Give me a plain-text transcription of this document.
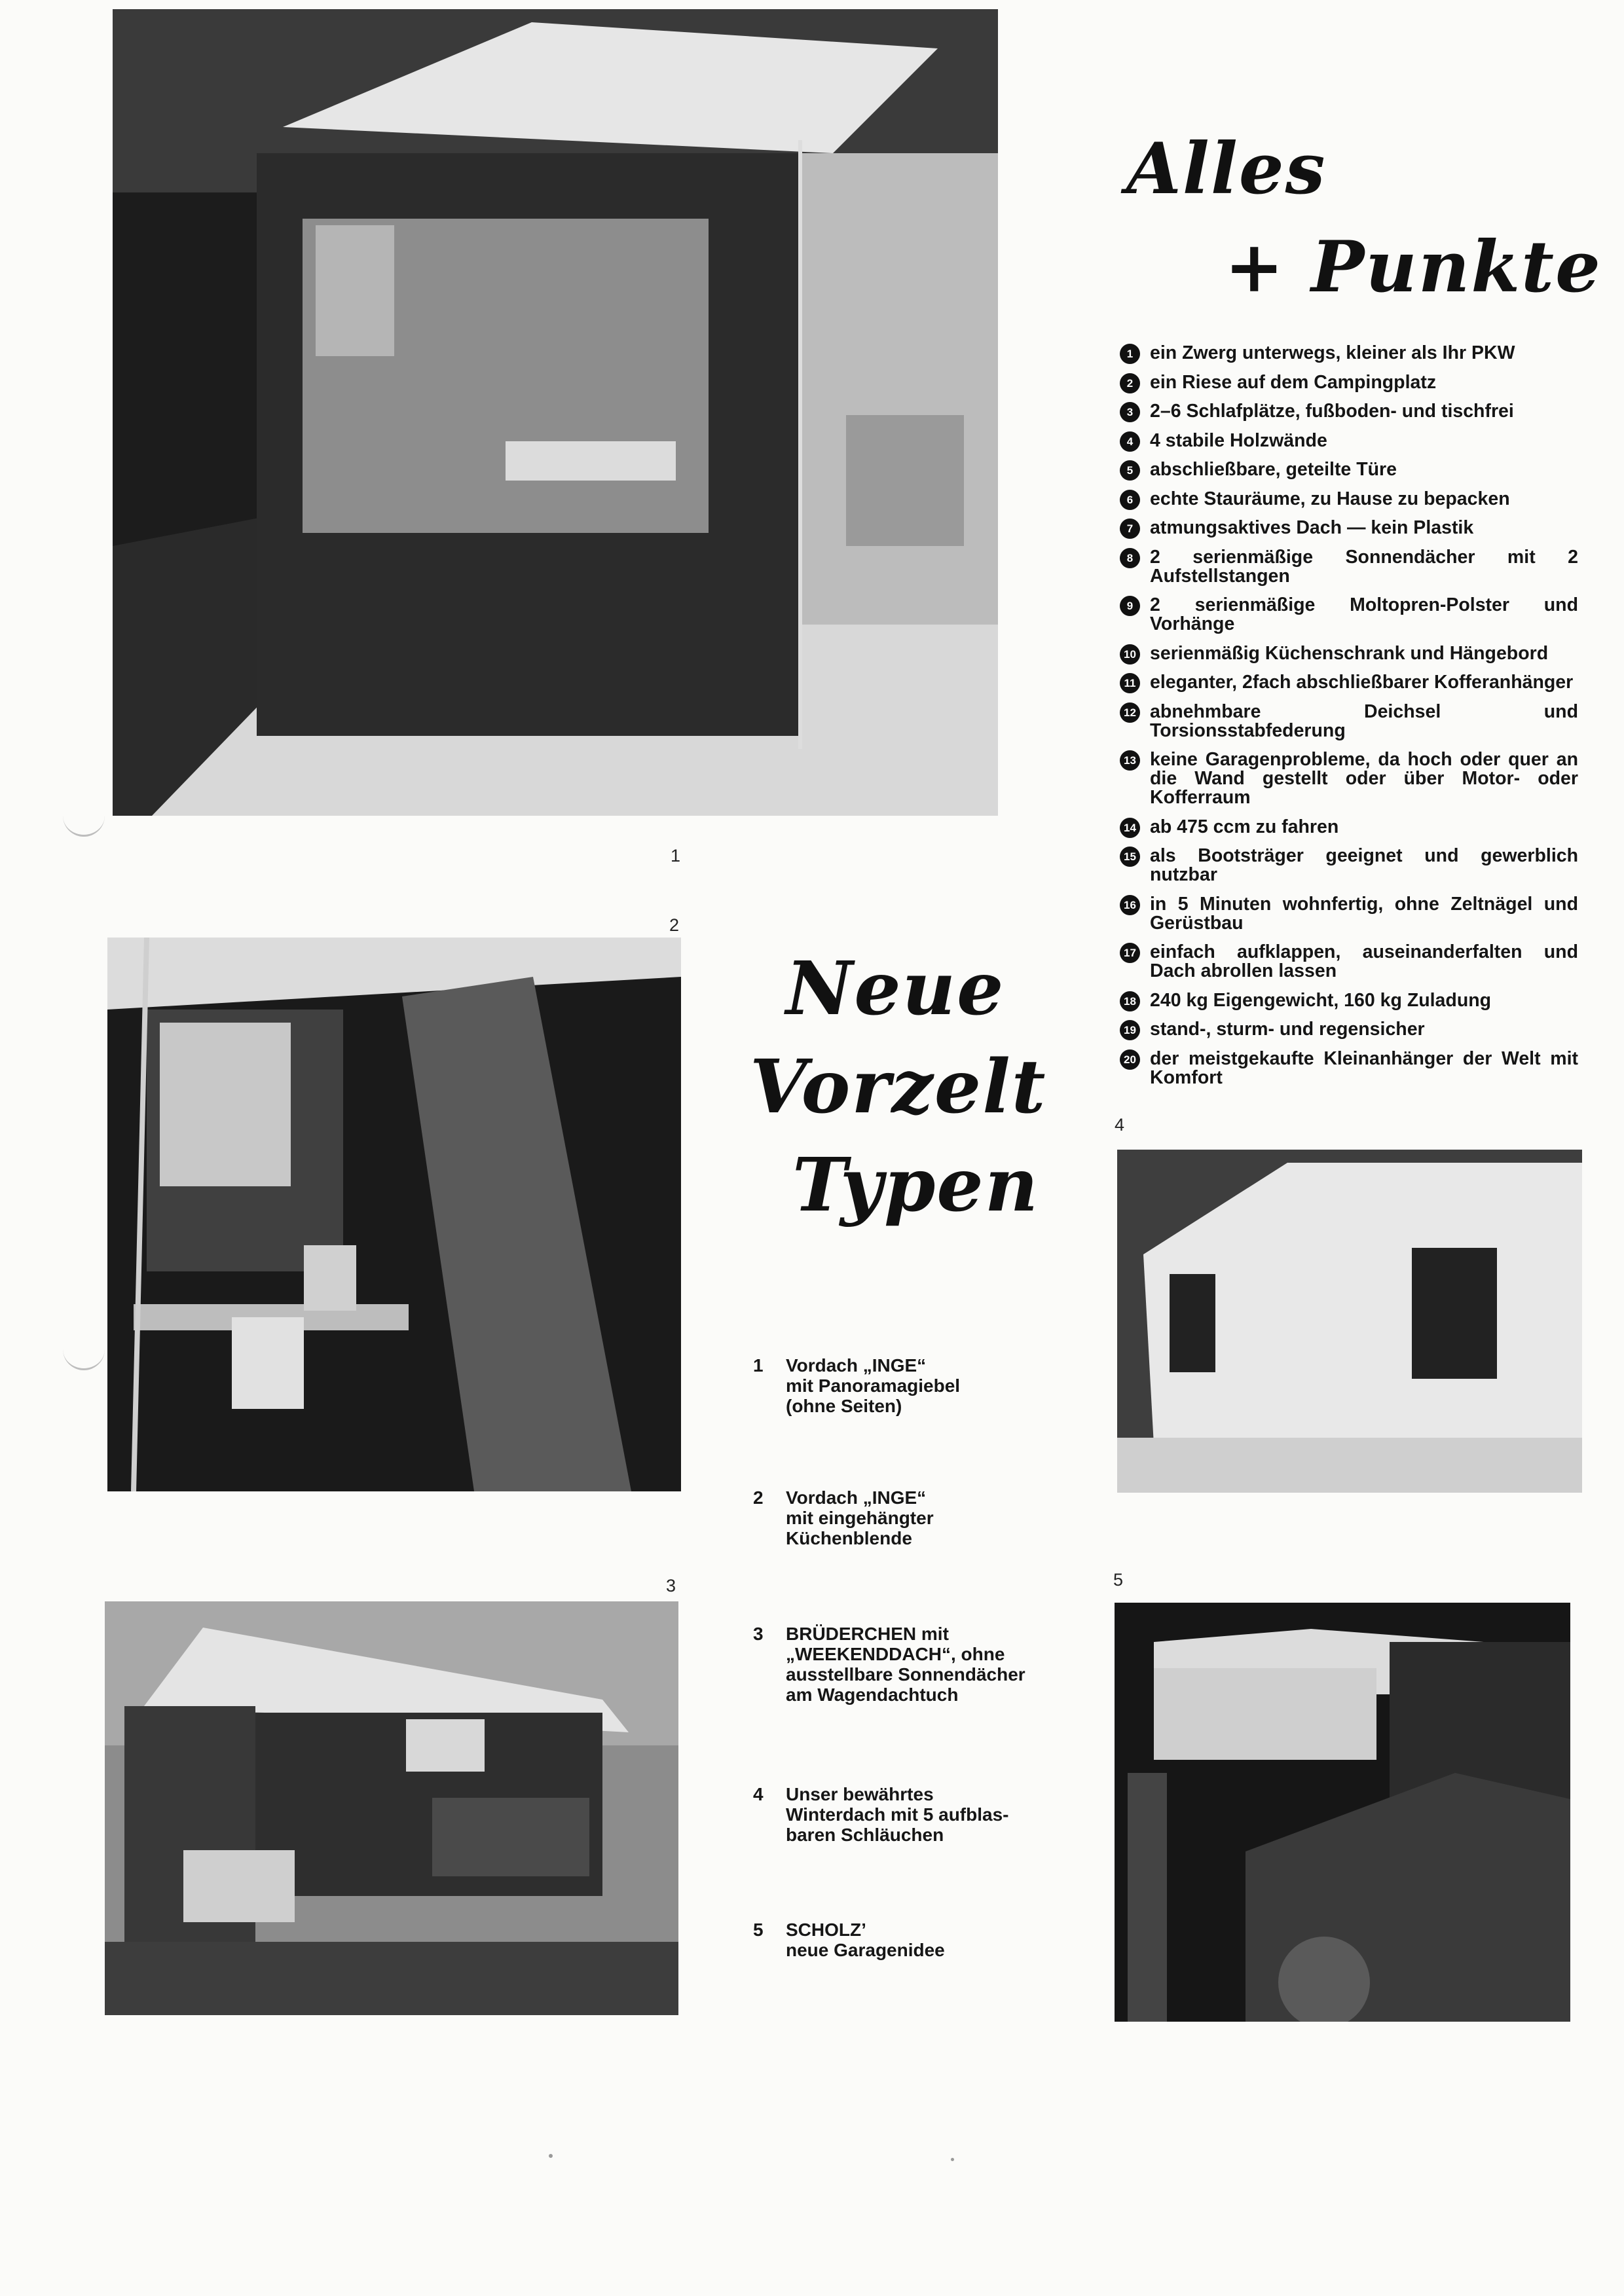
1
Alles
+ Punkte
1 ein Zwerg unterwegs, kleiner als Ihr PKW
2 ein Riese auf dem Campingplatz
3 2–6 Schlafplätze, fußboden- und tischfrei
4 4 stabile Holzwände
5 abschließbare, geteilte Türe
6 echte Stauräume, zu Hause zu bepacken
7 atmungsaktives Dach — kein Plastik
8 2 serienmäßige Sonnendächer mit 2 Aufstellstangen
9 2 serienmäßige Moltopren-Polster und Vorhänge
10 serienmäßig Küchenschrank und Hängebord
11 eleganter, 2fach abschließbarer Kofferanhänger
12 abnehmbare Deichsel und Torsionsstabfederung
13 keine Garagenprobleme, da hoch oder quer an die Wand gestellt oder über Motor- oder Kofferraum
14 ab 475 ccm zu fahren
15 als Bootsträger geeignet und gewerblich nutzbar
16 in 5 Minuten wohnfertig, ohne Zeltnägel und Gerüstbau
17 einfach aufklappen, auseinanderfalten und Dach abrollen lassen
18 240 kg Eigengewicht, 160 kg Zuladung
19 stand-, sturm- und regensicher
20 der meistgekaufte Kleinanhänger der Welt mit Komfort
2
Neue
Vorzelt
Typen
4
3	5
1 Vordach „INGE“
mit Panoramagiebel
(ohne Seiten)
2 Vordach „INGE“
mit eingehängter
Küchenblende
3 BRÜDERCHEN mit
„WEEKENDDACH“, ohne
ausstellbare Sonnendächer
am Wagendachtuch
4 Unser bewährtes
Winterdach mit 5 aufblas-
baren Schläuchen
5 SCHOLZ’
neue Garagenidee
